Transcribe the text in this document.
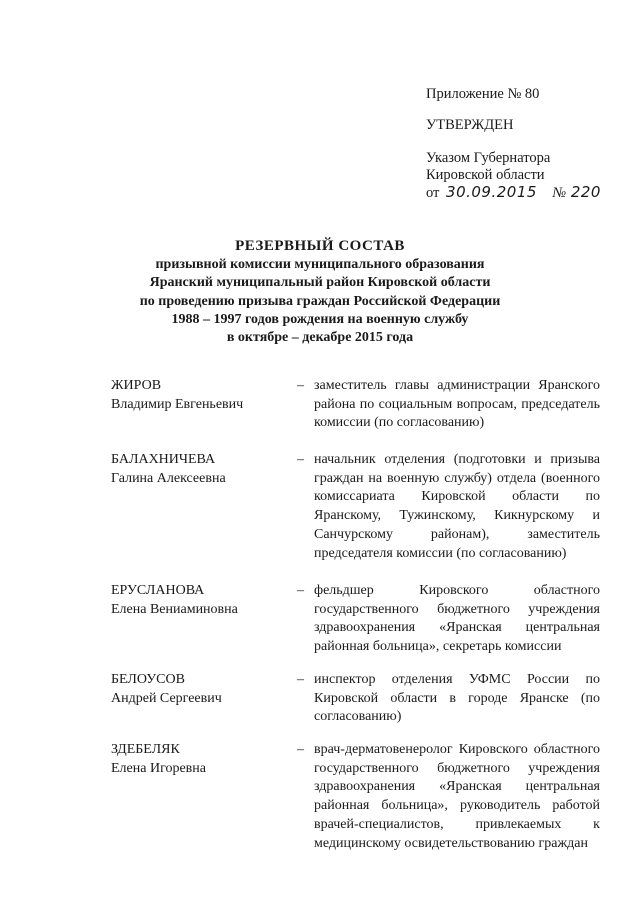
Приложение № 80
УТВЕРЖДЕН
Указом Губернатора
Кировской области
от 30.09.2015 № 220
РЕЗЕРВНЫЙ СОСТАВ
призывной комиссии муниципального образования
Яранский муниципальный район Кировской области
по проведению призыва граждан Российской Федерации
1988 – 1997 годов рождения на военную службу
в октябре – декабре 2015 года
ЖИРОВ
Владимир Евгеньевич
– заместитель главы администрации Яранского района по социальным вопросам, председатель комиссии (по согласованию)
БАЛАХНИЧЕВА
Галина Алексеевна
– начальник отделения (подготовки и призыва граждан на военную службу) отдела (военного комиссариата Кировской области по Яранскому, Тужинскому, Кикнурскому и Санчурскому районам), заместитель председателя комиссии (по согласованию)
ЕРУСЛАНОВА
Елена Вениаминовна
– фельдшер Кировского областного государственного бюджетного учреждения здравоохранения «Яранская центральная районная больница», секретарь комиссии
БЕЛОУСОВ
Андрей Сергеевич
– инспектор отделения УФМС России по Кировской области в городе Яранске (по согласованию)
ЗДЕБЕЛЯК
Елена Игоревна
– врач-дерматовенеролог Кировского областного государственного бюджетного учреждения здравоохранения «Яранская центральная районная больница», руководитель работой врачей-специалистов, привлекаемых к медицинскому освидетельствованию граждан
